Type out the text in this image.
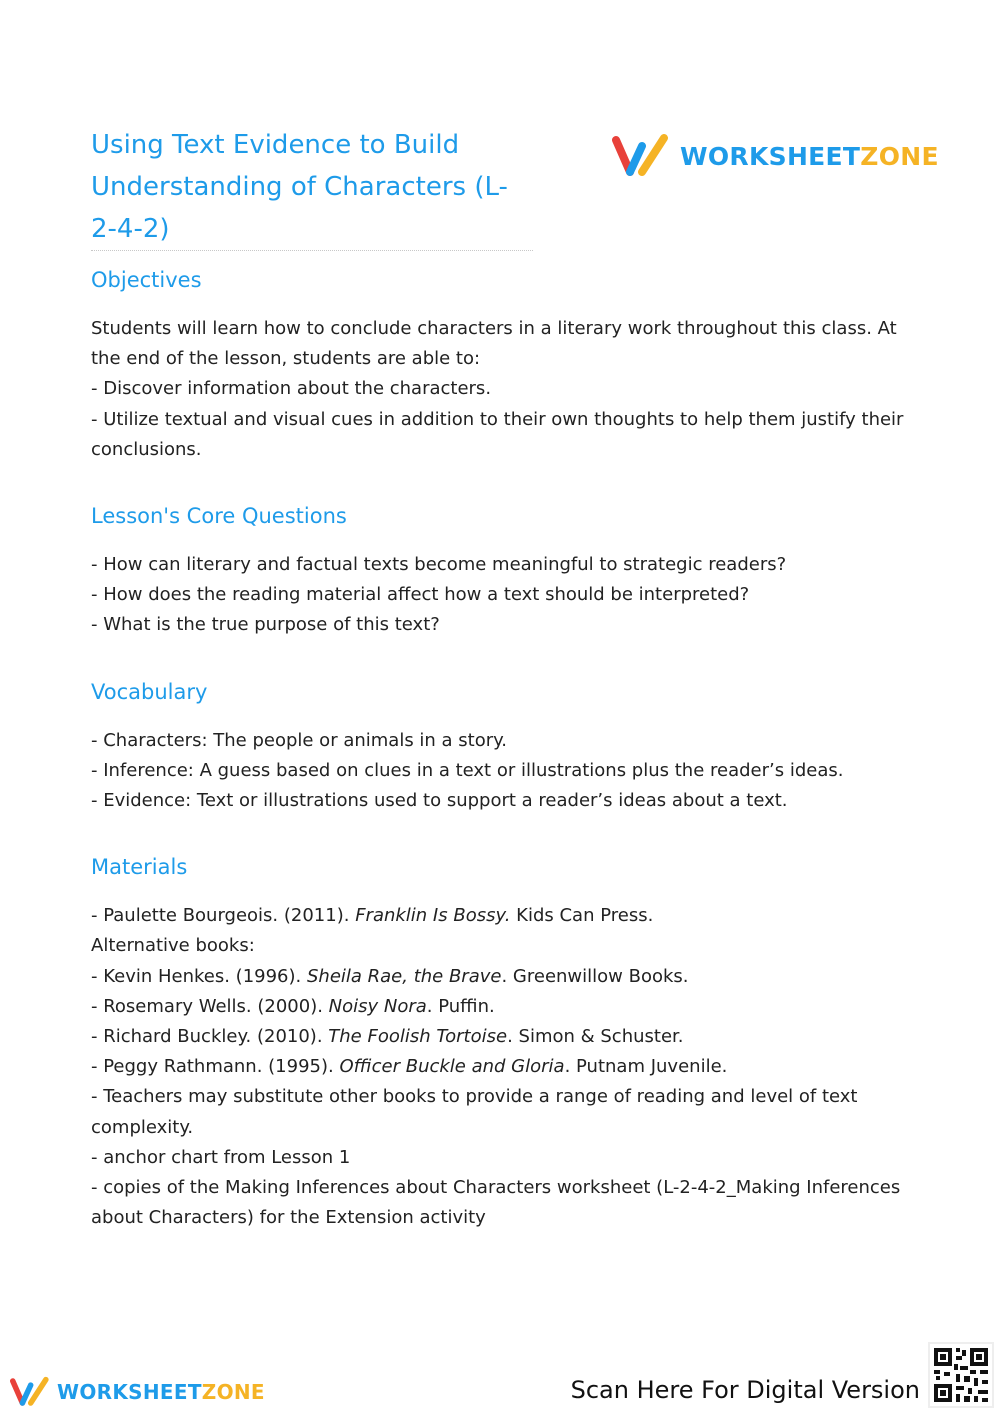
Using Text Evidence to Build Understanding of Characters (L-2-4-2)
WORKSHEETZONE
Objectives

Students will learn how to conclude characters in a literary work throughout this class. At the end of the lesson, students are able to:

- Discover information about the characters.

- Utilize textual and visual cues in addition to their own thoughts to help them justify their conclusions.

Lesson's Core Questions

- How can literary and factual texts become meaningful to strategic readers?

- How does the reading material affect how a text should be interpreted?

- What is the true purpose of this text?

Vocabulary

- Characters: The people or animals in a story.

- Inference: A guess based on clues in a text or illustrations plus the reader’s ideas.

- Evidence: Text or illustrations used to support a reader’s ideas about a text.

Materials

- Paulette Bourgeois. (2011). Franklin Is Bossy. Kids Can Press.

Alternative books:

- Kevin Henkes. (1996). Sheila Rae, the Brave. Greenwillow Books.

- Rosemary Wells. (2000). Noisy Nora. Puffin.

- Richard Buckley. (2010). The Foolish Tortoise. Simon & Schuster.

- Peggy Rathmann. (1995). Officer Buckle and Gloria. Putnam Juvenile.

- Teachers may substitute other books to provide a range of reading and level of text complexity.

- anchor chart from Lesson 1

- copies of the Making Inferences about Characters worksheet (L-2-4-2_Making Inferences about Characters) for the Extension activity

WORKSHEETZONE	Scan Here For Digital Version
